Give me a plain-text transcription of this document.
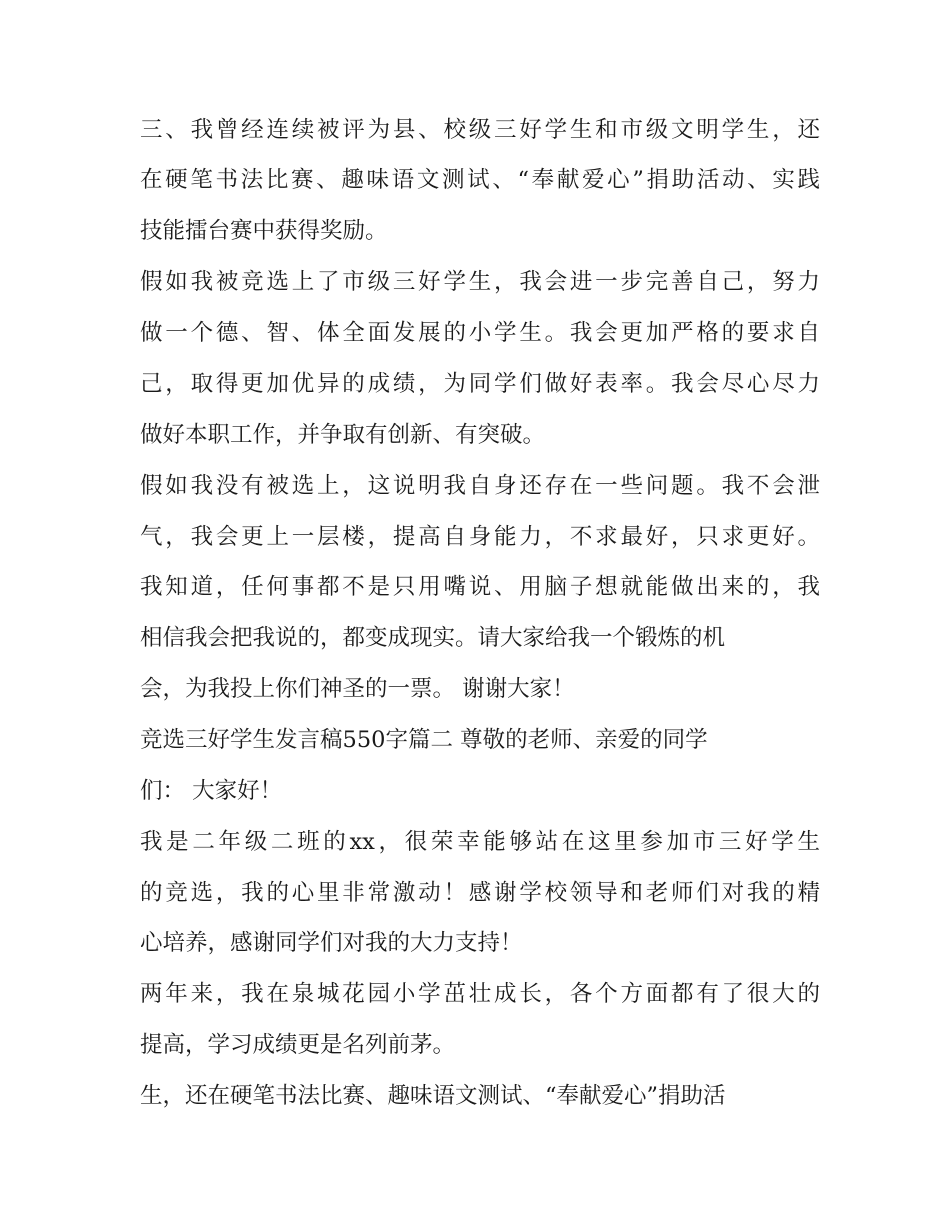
三、我曾经连续被评为县、校级三好学生和市级文明学生，还
在硬笔书法比赛、趣味语文测试、“奉献爱心”捐助活动、实践
技能擂台赛中获得奖励。
假如我被竞选上了市级三好学生，我会进一步完善自己，努力
做一个德、智、体全面发展的小学生。我会更加严格的要求自
己，取得更加优异的成绩，为同学们做好表率。我会尽心尽力
做好本职工作，并争取有创新、有突破。
假如我没有被选上，这说明我自身还存在一些问题。我不会泄
气，我会更上一层楼，提高自身能力，不求最好，只求更好。
我知道，任何事都不是只用嘴说、用脑子想就能做出来的，我
相信我会把我说的，都变成现实。请大家给我一个锻炼的机
会，为我投上你们神圣的一票。 谢谢大家！
竞选三好学生发言稿550字篇二 尊敬的老师、亲爱的同学
们： 大家好！
我是二年级二班的xx，很荣幸能够站在这里参加市三好学生
的竞选，我的心里非常激动！感谢学校领导和老师们对我的精
心培养，感谢同学们对我的大力支持！
两年来，我在泉城花园小学茁壮成长，各个方面都有了很大的
提高，学习成绩更是名列前茅。
生，还在硬笔书法比赛、趣味语文测试、“奉献爱心”捐助活
